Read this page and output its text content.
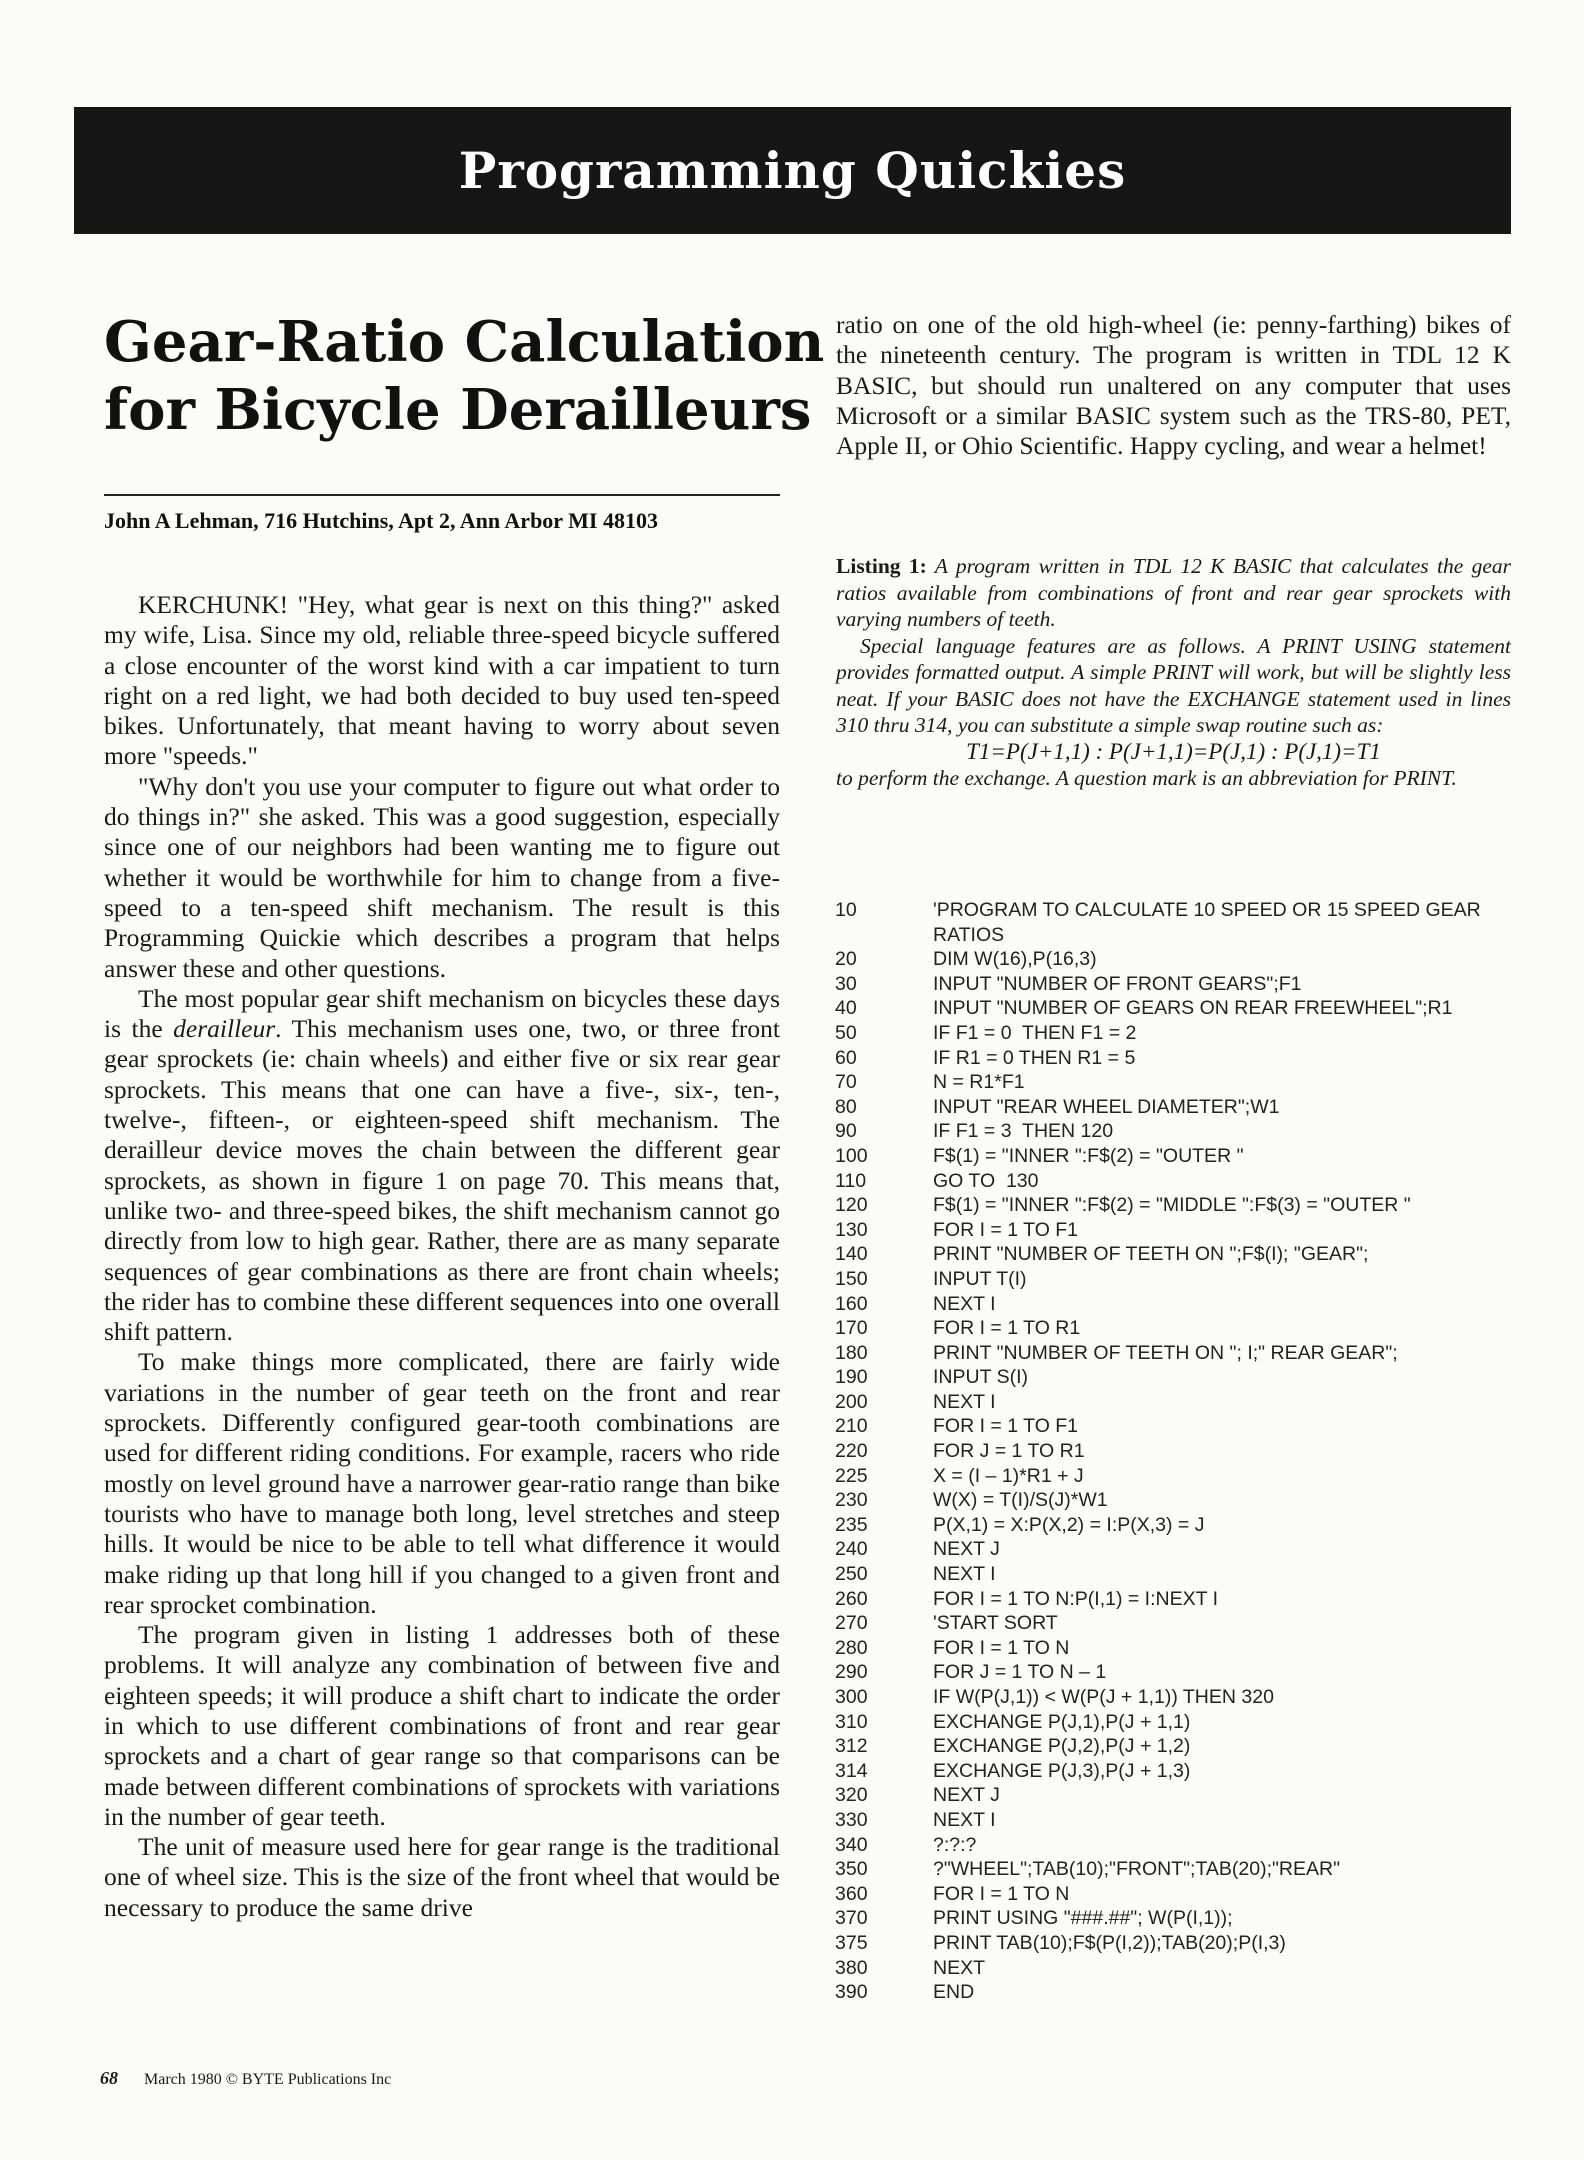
Programming Quickies
Gear-Ratio Calculation
for Bicycle Derailleurs
John A Lehman, 716 Hutchins, Apt 2, Ann Arbor MI 48103

KERCHUNK! "Hey, what gear is next on this thing?" asked my wife, Lisa. Since my old, reliable three-speed bicycle suffered a close encounter of the worst kind with a car impatient to turn right on a red light, we had both decided to buy used ten-speed bikes. Unfortunately, that meant having to worry about seven more "speeds."

"Why don't you use your computer to figure out what order to do things in?" she asked. This was a good suggestion, especially since one of our neighbors had been wanting me to figure out whether it would be worthwhile for him to change from a five-speed to a ten-speed shift mechanism. The result is this Programming Quickie which describes a program that helps answer these and other questions.

The most popular gear shift mechanism on bicycles these days is the derailleur. This mechanism uses one, two, or three front gear sprockets (ie: chain wheels) and either five or six rear gear sprockets. This means that one can have a five-, six-, ten-, twelve-, fifteen-, or eighteen-speed shift mechanism. The derailleur device moves the chain between the different gear sprockets, as shown in figure 1 on page 70. This means that, unlike two- and three-speed bikes, the shift mechanism cannot go directly from low to high gear. Rather, there are as many separate sequences of gear combinations as there are front chain wheels; the rider has to combine these different sequences into one overall shift pattern.

To make things more complicated, there are fairly wide variations in the number of gear teeth on the front and rear sprockets. Differently configured gear-tooth combinations are used for different riding conditions. For example, racers who ride mostly on level ground have a narrower gear-ratio range than bike tourists who have to manage both long, level stretches and steep hills. It would be nice to be able to tell what difference it would make riding up that long hill if you changed to a given front and rear sprocket combination.

The program given in listing 1 addresses both of these problems. It will analyze any combination of between five and eighteen speeds; it will produce a shift chart to indicate the order in which to use different combinations of front and rear gear sprockets and a chart of gear range so that comparisons can be made between different combinations of sprockets with variations in the number of gear teeth.

The unit of measure used here for gear range is the traditional one of wheel size. This is the size of the front wheel that would be necessary to produce the same drive

ratio on one of the old high-wheel (ie: penny-farthing) bikes of the nineteenth century. The program is written in TDL 12 K BASIC, but should run unaltered on any computer that uses Microsoft or a similar BASIC system such as the TRS-80, PET, Apple II, or Ohio Scientific. Happy cycling, and wear a helmet!

Listing 1: A program written in TDL 12 K BASIC that calculates the gear ratios available from combinations of front and rear gear sprockets with varying numbers of teeth.

Special language features are as follows. A PRINT USING statement provides formatted output. A simple PRINT will work, but will be slightly less neat. If your BASIC does not have the EXCHANGE statement used in lines 310 thru 314, you can substitute a simple swap routine such as:

T1=P(J+1,1) : P(J+1,1)=P(J,1) : P(J,1)=T1

to perform the exchange. A question mark is an abbreviation for PRINT.

10	'PROGRAM TO CALCULATE 10 SPEED OR 15 SPEED GEAR RATIOS
20	DIM W(16),P(16,3)
30	INPUT "NUMBER OF FRONT GEARS";F1
40	INPUT "NUMBER OF GEARS ON REAR FREEWHEEL";R1
50	IF F1 = 0  THEN F1 = 2
60	IF R1 = 0 THEN R1 = 5
70	N = R1*F1
80	INPUT "REAR WHEEL DIAMETER";W1
90	IF F1 = 3  THEN 120
100	F$(1) = "INNER ":F$(2) = "OUTER "
110	GO TO  130
120	F$(1) = "INNER ":F$(2) = "MIDDLE ":F$(3) = "OUTER "
130	FOR I = 1 TO F1
140	PRINT "NUMBER OF TEETH ON ";F$(I); "GEAR";
150	INPUT T(I)
160	NEXT I
170	FOR I = 1 TO R1
180	PRINT "NUMBER OF TEETH ON "; I;" REAR GEAR";
190	INPUT S(I)
200	NEXT I
210	FOR I = 1 TO F1
220	FOR J = 1 TO R1
225	X = (I – 1)*R1 + J
230	W(X) = T(I)/S(J)*W1
235	P(X,1) = X:P(X,2) = I:P(X,3) = J
240	NEXT J
250	NEXT I
260	FOR I = 1 TO N:P(I,1) = I:NEXT I
270	'START SORT
280	FOR I = 1 TO N
290	FOR J = 1 TO N – 1
300	IF W(P(J,1)) < W(P(J + 1,1)) THEN 320
310	EXCHANGE P(J,1),P(J + 1,1)
312	EXCHANGE P(J,2),P(J + 1,2)
314	EXCHANGE P(J,3),P(J + 1,3)
320	NEXT J
330	NEXT I
340	?:?:?
350	?"WHEEL";TAB(10);"FRONT";TAB(20);"REAR"
360	FOR I = 1 TO N
370	PRINT USING "###.##"; W(P(I,1));
375	PRINT TAB(10);F$(P(I,2));TAB(20);P(I,3)
380	NEXT
390	END
68 March 1980 © BYTE Publications Inc
